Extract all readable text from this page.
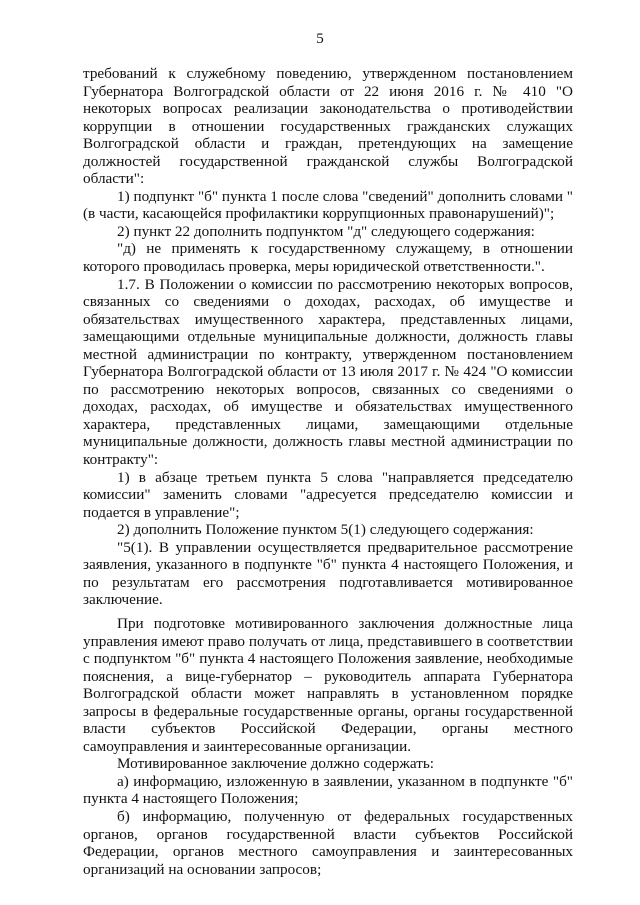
5

требований к служебному поведению, утвержденном постановлением Губернатора Волгоградской области от 22 июня 2016 г. № 410 "О некоторых вопросах реализации законодательства о противодействии коррупции в отношении государственных гражданских служащих Волгоградской области и граждан, претендующих на замещение должностей государственной гражданской службы Волгоградской области":

1) подпункт "б" пункта 1 после слова "сведений" дополнить словами "(в части, касающейся профилактики коррупционных правонарушений)";

2) пункт 22 дополнить подпунктом "д" следующего содержания:

"д) не применять к государственному служащему, в отношении которого проводилась проверка, меры юридической ответственности.".

1.7. В Положении о комиссии по рассмотрению некоторых вопросов, связанных со сведениями о доходах, расходах, об имуществе и обязательствах имущественного характера, представленных лицами, замещающими отдельные муниципальные должности, должность главы местной администрации по контракту, утвержденном постановлением Губернатора Волгоградской области от 13 июля 2017 г. № 424 "О комиссии по рассмотрению некоторых вопросов, связанных со сведениями о доходах, расходах, об имуществе и обязательствах имущественного характера, представленных лицами, замещающими отдельные муниципальные должности, должность главы местной администрации по контракту":

1) в абзаце третьем пункта 5 слова "направляется председателю комиссии" заменить словами "адресуется председателю комиссии и подается в управление";

2) дополнить Положение пунктом 5(1) следующего содержания:

"5(1). В управлении осуществляется предварительное рассмотрение заявления, указанного в подпункте "б" пункта 4 настоящего Положения, и по результатам его рассмотрения подготавливается мотивированное заключение.

При подготовке мотивированного заключения должностные лица управления имеют право получать от лица, представившего в соответствии с подпунктом "б" пункта 4 настоящего Положения заявление, необходимые пояснения, а вице-губернатор – руководитель аппарата Губернатора Волгоградской области может направлять в установленном порядке запросы в федеральные государственные органы, органы государственной власти субъектов Российской Федерации, органы местного самоуправления и заинтересованные организации.

Мотивированное заключение должно содержать:

а) информацию, изложенную в заявлении, указанном в подпункте "б" пункта 4 настоящего Положения;

б) информацию, полученную от федеральных государственных органов, органов государственной власти субъектов Российской Федерации, органов местного самоуправления и заинтересованных организаций на основании запросов;
